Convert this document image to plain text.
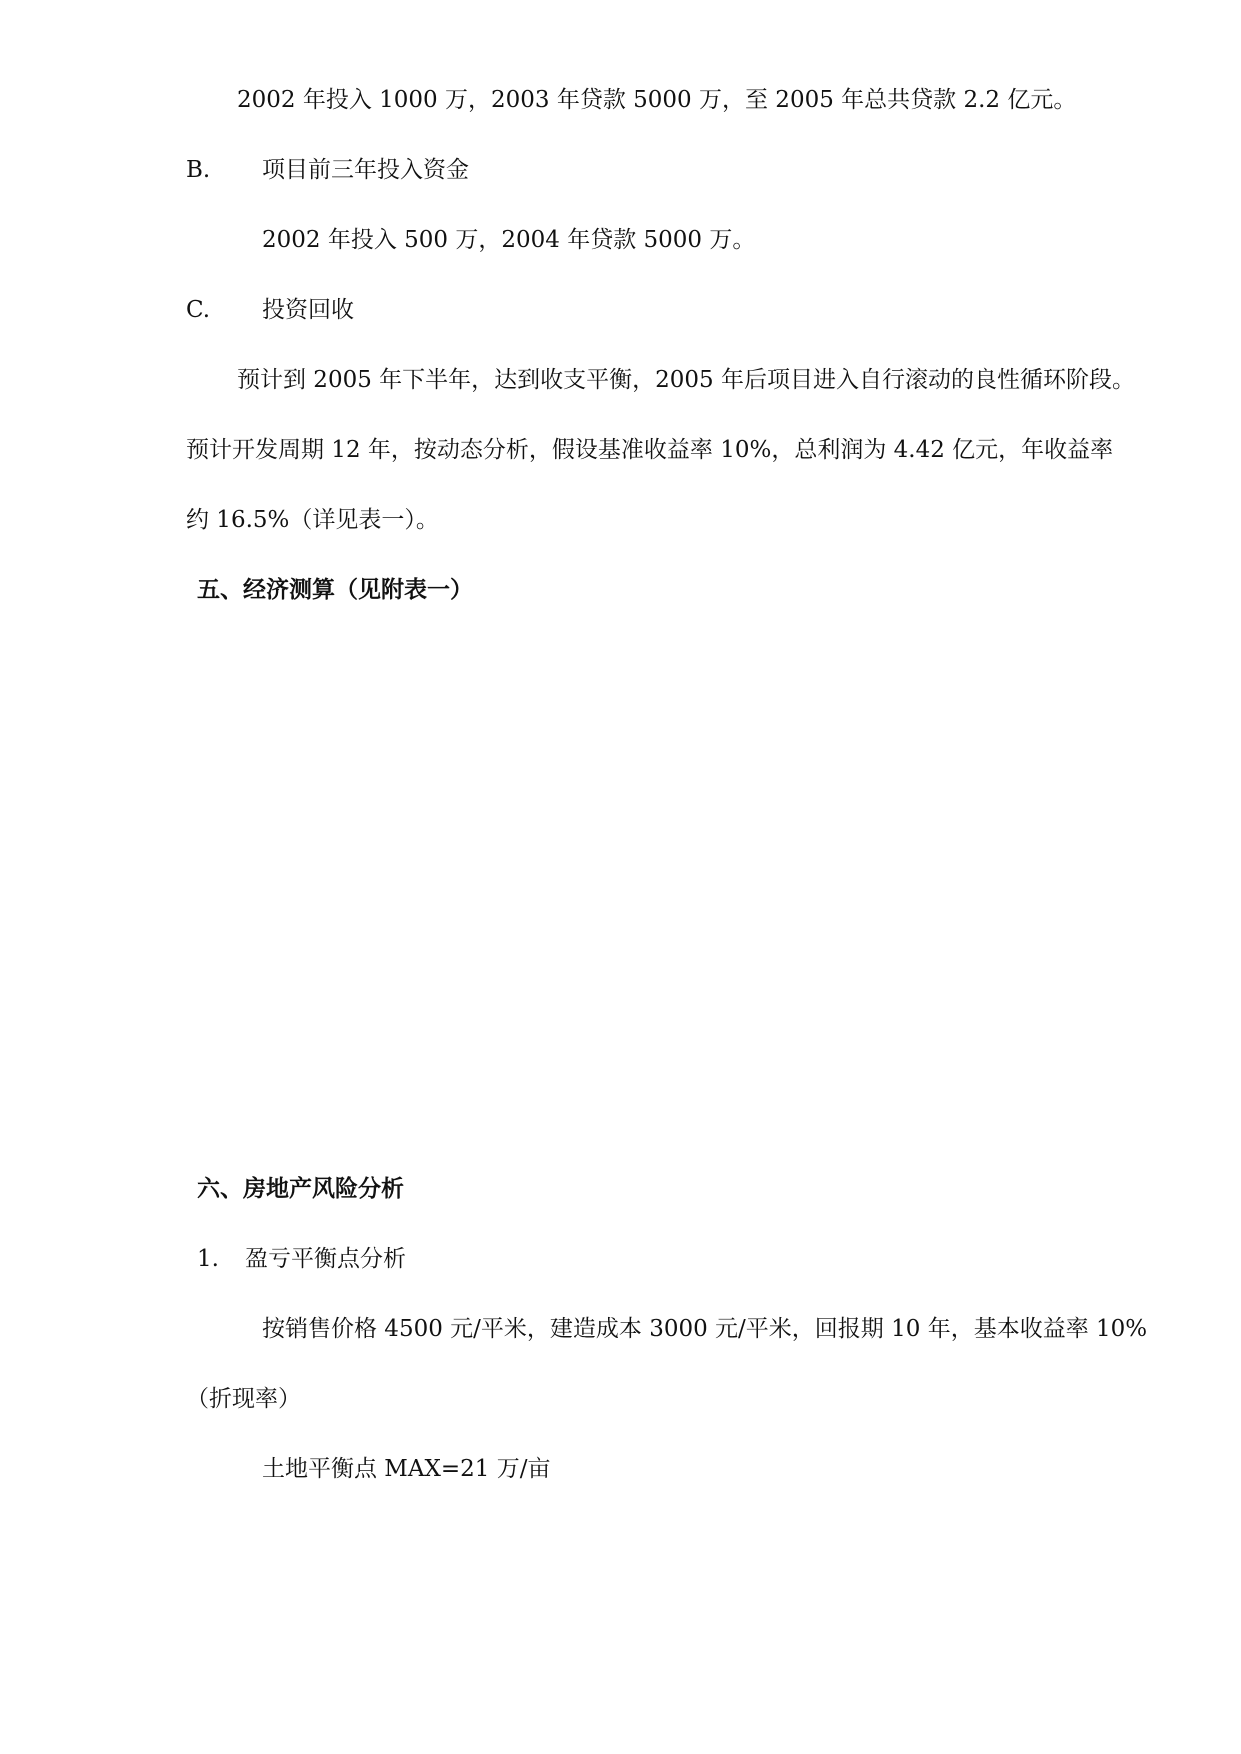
2002 年投入 1000 万，2003 年贷款 5000 万，至 2005 年总共贷款 2.2 亿元。
B. 项目前三年投入资金
2002 年投入 500 万，2004 年贷款 5000 万。
C. 投资回收
预计到 2005 年下半年，达到收支平衡，2005 年后项目进入自行滚动的良性循环阶段。
预计开发周期 12 年，按动态分析，假设基准收益率 10%，总利润为 4.42 亿元，年收益率
约 16.5%（详见表一）。
五、经济测算（见附表一）
六、房地产风险分析
1. 盈亏平衡点分析
按销售价格 4500 元/平米，建造成本 3000 元/平米，回报期 10 年，基本收益率 10%
（折现率）
土地平衡点 MAX=21 万/亩
